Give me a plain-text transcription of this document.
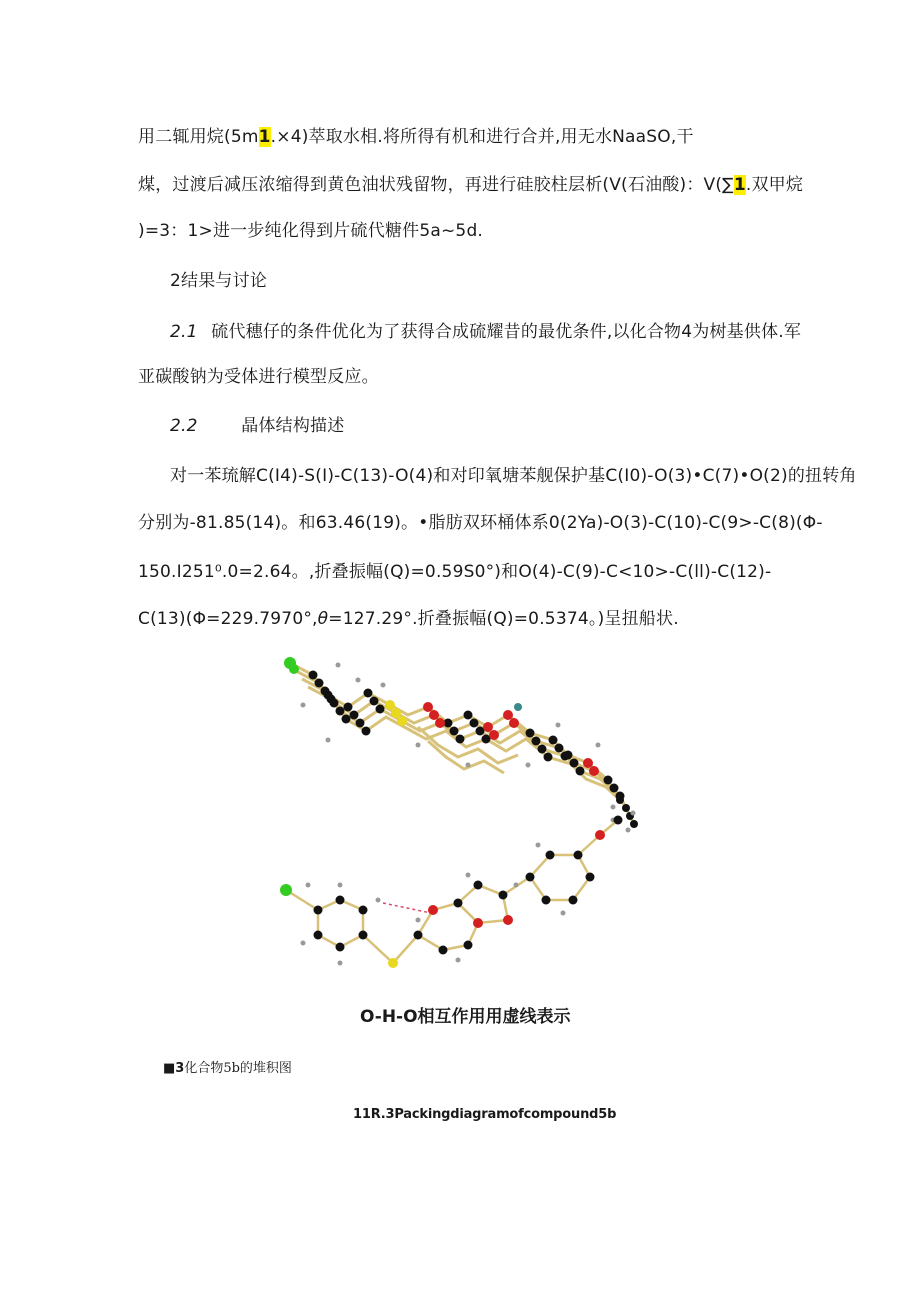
用二辄用烷(5m1.×4)萃取水相.将所得有机和进行合并,用无水NaaSO,干
煤，过渡后减压浓缩得到黄色油状残留物，再进行硅胶柱层析(V(石油酸)：V(∑1.双甲烷
)=3：1>进一步纯化得到片硫代糖件5a~5d.
2结果与讨论
2.1 硫代穗仔的条件优化为了获得合成硫耀昔的最优条件,以化合物4为树基供体.军
亚碳酸钠为受体进行模型反应。
2.2	晶体结构描述
对一苯琉解C(I4)-S(I)-C(13)-O(4)和对印氧塘苯舰保护基C(I0)-O(3)•C(7)•O(2)的扭转角
分别为-81.85(14)。和63.46(19)。•脂肪双环桶体系0(2Ya)-O(3)-C(10)-C(9>-C(8)(Φ-
150.I251⁰.0=2.64。,折叠振幅(Q)=0.59S0°)和O(4)-C(9)-C<10>-C(ll)-C(12)-
C(13)(Φ=229.7970°,θ=127.29°.折叠振幅(Q)=0.5374。)呈扭船状.
O-H-O相互作用用虚线表示
■3化合物5b的堆积图
11R.3Packingdiagramofcompound5b
